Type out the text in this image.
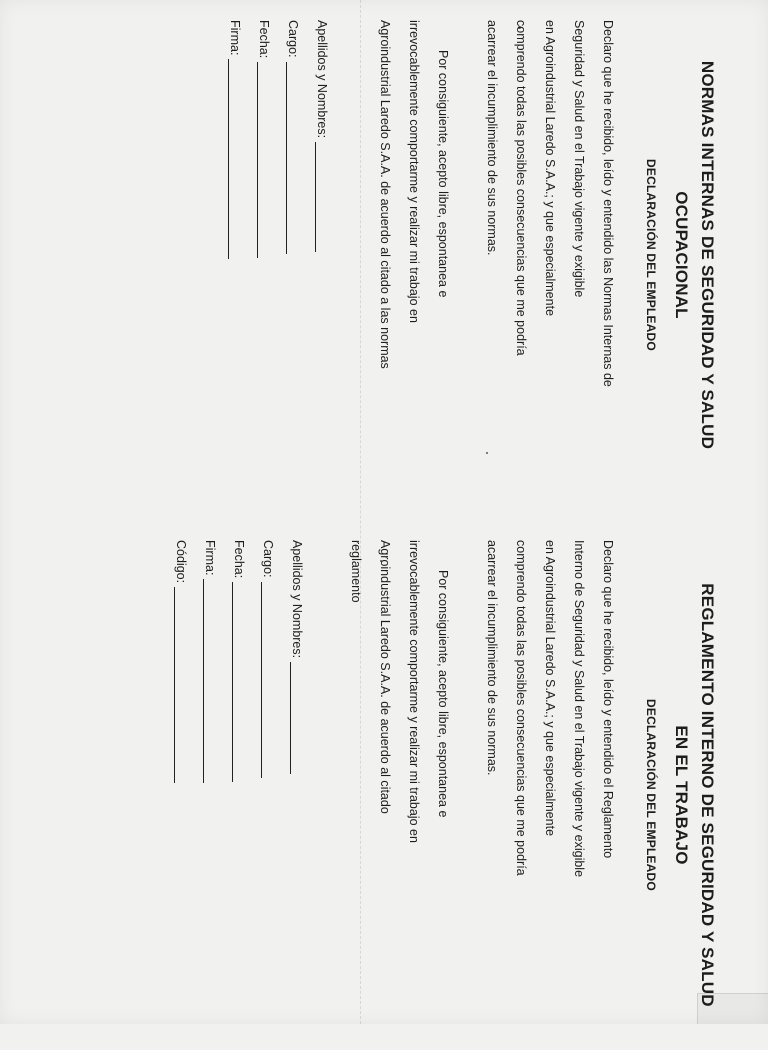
NORMAS INTERNAS DE SEGURIDAD Y SALUD
OCUPACIONAL
DECLARACIÓN DEL EMPLEADO
Declaro que he recibido, leído y entendido las Normas Internas de
Seguridad y Salud en el Trabajo vigente y exigible
en Agroindustrial Laredo S.A.A.; y que especialmente
comprendo todas las posibles consecuencias que me podría
acarrear el incumplimiento de sus normas.
Por consiguiente, acepto libre, espontanea e
irrevocablemente comportarme y realizar mi trabajo en
Agroindustrial Laredo S.A.A. de acuerdo al citado a las normas
Apellidos y Nombres:
Cargo:
Fecha:
Firma:
REGLAMENTO INTERNO DE SEGURIDAD Y SALUD
EN EL TRABAJO
DECLARACIÓN DEL EMPLEADO
Declaro que he recibido, leído y entendido el Reglamento
Interno de Seguridad y Salud en el Trabajo vigente y exigible
en Agroindustrial Laredo S.A.A.; y que especialmente
comprendo todas las posibles consecuencias que me podría
acarrear el incumplimiento de sus normas.
Por consiguiente, acepto libre, espontanea e
irrevocablemente comportarme y realizar mi trabajo en
Agroindustrial Laredo S.A.A. de acuerdo al citado
reglamento
Apellidos y Nombres:
Cargo:
Fecha:
Firma:
Código:
